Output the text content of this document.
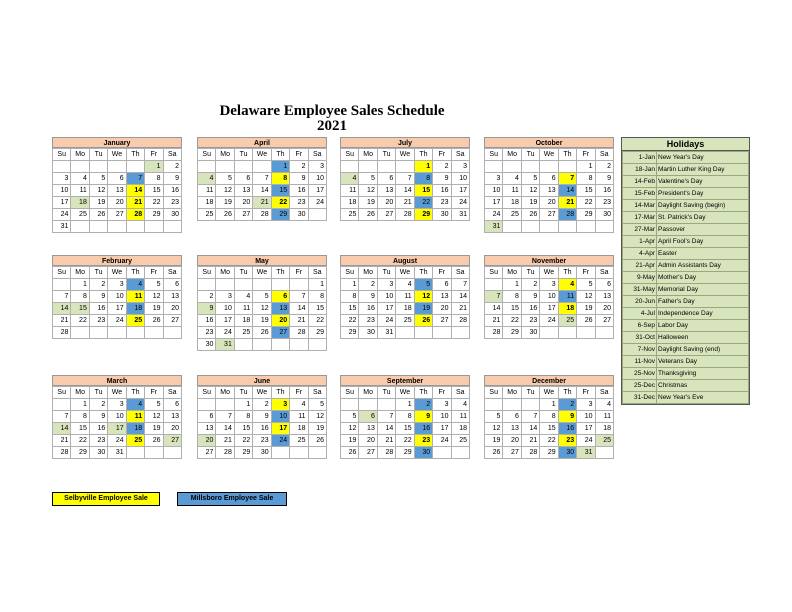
Delaware Employee Sales Schedule
2021
January
Su	Mo	Tu	We	Th	Fr	Sa
					1	2
3	4	5	6	7	8	9
10	11	12	13	14	15	16
17	18	19	20	21	22	23
24	25	26	27	28	29	30
31						
February
Su	Mo	Tu	We	Th	Fr	Sa
	1	2	3	4	5	6
7	8	9	10	11	12	13
14	15	16	17	18	19	20
21	22	23	24	25	26	27
28						
March
Su	Mo	Tu	We	Th	Fr	Sa
	1	2	3	4	5	6
7	8	9	10	11	12	13
14	15	16	17	18	19	20
21	22	23	24	25	26	27
28	29	30	31			
April
Su	Mo	Tu	We	Th	Fr	Sa
				1	2	3
4	5	6	7	8	9	10
11	12	13	14	15	16	17
18	19	20	21	22	23	24
25	26	27	28	29	30	
May
Su	Mo	Tu	We	Th	Fr	Sa
						1
2	3	4	5	6	7	8
9	10	11	12	13	14	15
16	17	18	19	20	21	22
23	24	25	26	27	28	29
30	31					
June
Su	Mo	Tu	We	Th	Fr	Sa
		1	2	3	4	5
6	7	8	9	10	11	12
13	14	15	16	17	18	19
20	21	22	23	24	25	26
27	28	29	30			
July
Su	Mo	Tu	We	Th	Fr	Sa
				1	2	3
4	5	6	7	8	9	10
11	12	13	14	15	16	17
18	19	20	21	22	23	24
25	26	27	28	29	30	31
August
Su	Mo	Tu	We	Th	Fr	Sa
1	2	3	4	5	6	7
8	9	10	11	12	13	14
15	16	17	18	19	20	21
22	23	24	25	26	27	28
29	30	31				
September
Su	Mo	Tu	We	Th	Fr	Sa
			1	2	3	4
5	6	7	8	9	10	11
12	13	14	15	16	17	18
19	20	21	22	23	24	25
26	27	28	29	30		
October
Su	Mo	Tu	We	Th	Fr	Sa
					1	2
3	4	5	6	7	8	9
10	11	12	13	14	15	16
17	18	19	20	21	22	23
24	25	26	27	28	29	30
31						
November
Su	Mo	Tu	We	Th	Fr	Sa
	1	2	3	4	5	6
7	8	9	10	11	12	13
14	15	16	17	18	19	20
21	22	23	24	25	26	27
28	29	30				
December
Su	Mo	Tu	We	Th	Fr	Sa
			1	2	3	4
5	6	7	8	9	10	11
12	13	14	15	16	17	18
19	20	21	22	23	24	25
26	27	28	29	30	31	
Holidays
1-Jan	New Year's Day
18-Jan	Martin Luther King Day
14-Feb	Valentine's Day
15-Feb	President's Day
14-Mar	Daylight Saving (begin)
17-Mar	St. Patrick's Day
27-Mar	Passover
1-Apr	April Fool's Day
4-Apr	Easter
21-Apr	Admin Assistants Day
9-May	Mother's Day
31-May	Memorial Day
20-Jun	Father's Day
4-Jul	Independence Day
6-Sep	Labor Day
31-Oct	Halloween
7-Nov	Daylight Saving (end)
11-Nov	Veterans Day
25-Nov	Thanksgiving
25-Dec	Christmas
31-Dec	New Year's Eve
Selbyville Employee Sale	Millsboro Employee Sale
